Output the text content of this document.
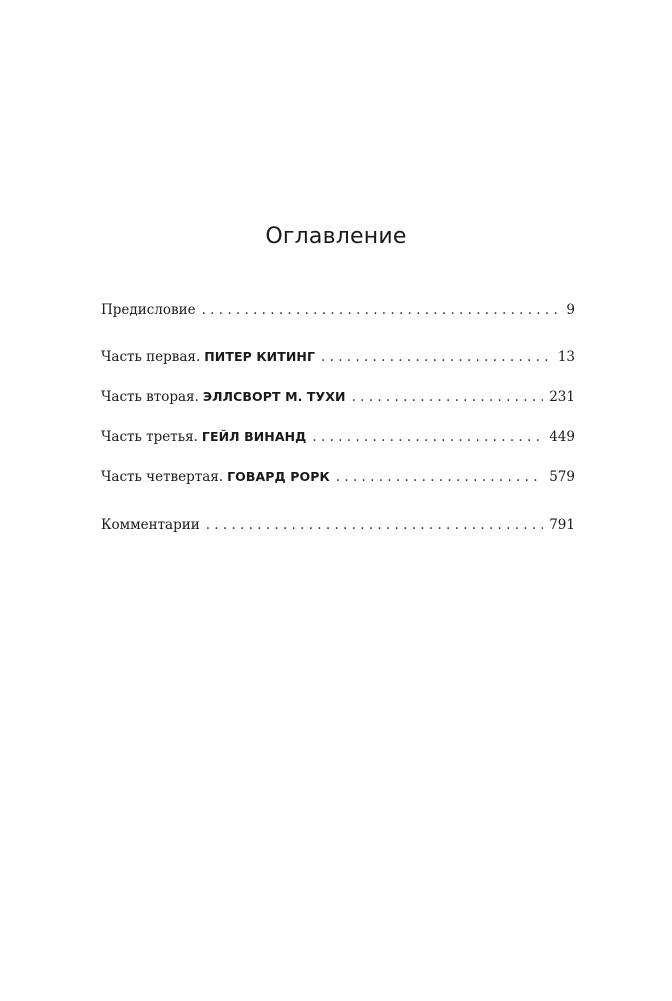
Оглавление
Предисловие . . .	9
Часть первая. ПИТЕР КИТИНГ . . .	13
Часть вторая. ЭЛЛСВОРТ М. ТУХИ . . .	231
Часть третья. ГЕЙЛ ВИНАНД . . .	449
Часть четвертая. ГОВАРД РОРК . . .	579
Комментарии . . .	791
